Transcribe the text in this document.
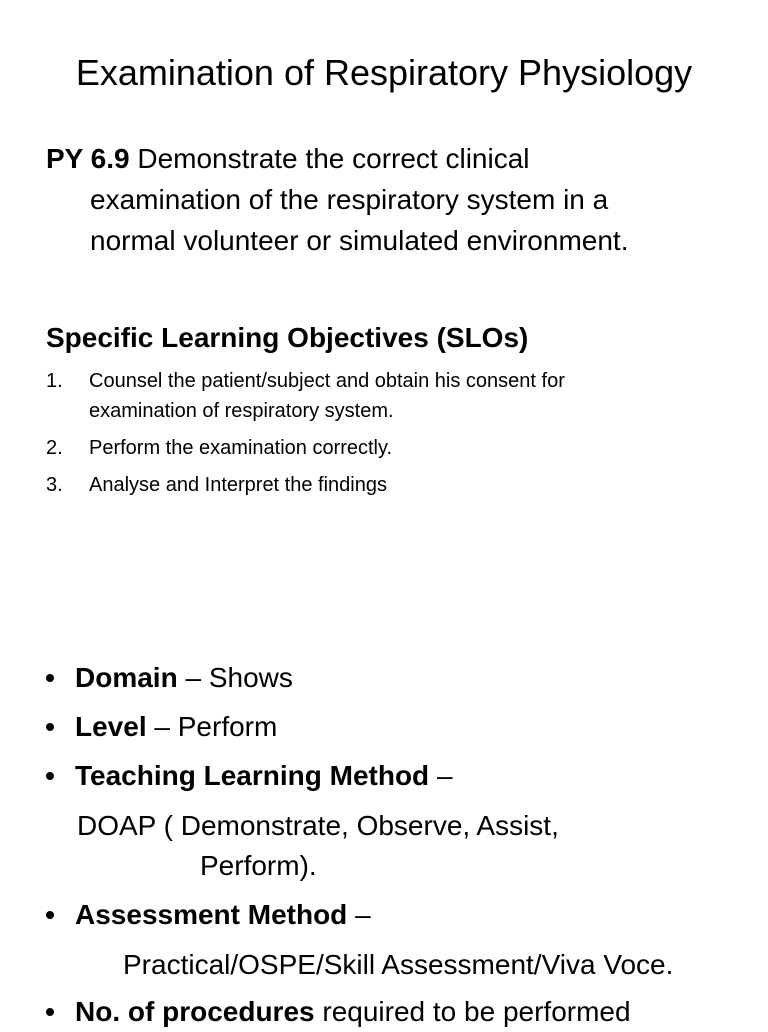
Examination of Respiratory Physiology
PY 6.9 Demonstrate the correct clinical
examination of the respiratory system in a
normal volunteer or simulated environment.
Specific Learning Objectives (SLOs)
1. Counsel the patient/subject and obtain his consent for
examination of respiratory system.
2. Perform the examination correctly.
3. Analyse and Interpret the findings
Domain – Shows
Level – Perform
Teaching Learning Method –
DOAP ( Demonstrate, Observe, Assist,
Perform).
Assessment Method –
Practical/OSPE/Skill Assessment/Viva Voce.
No. of procedures required to be performed
